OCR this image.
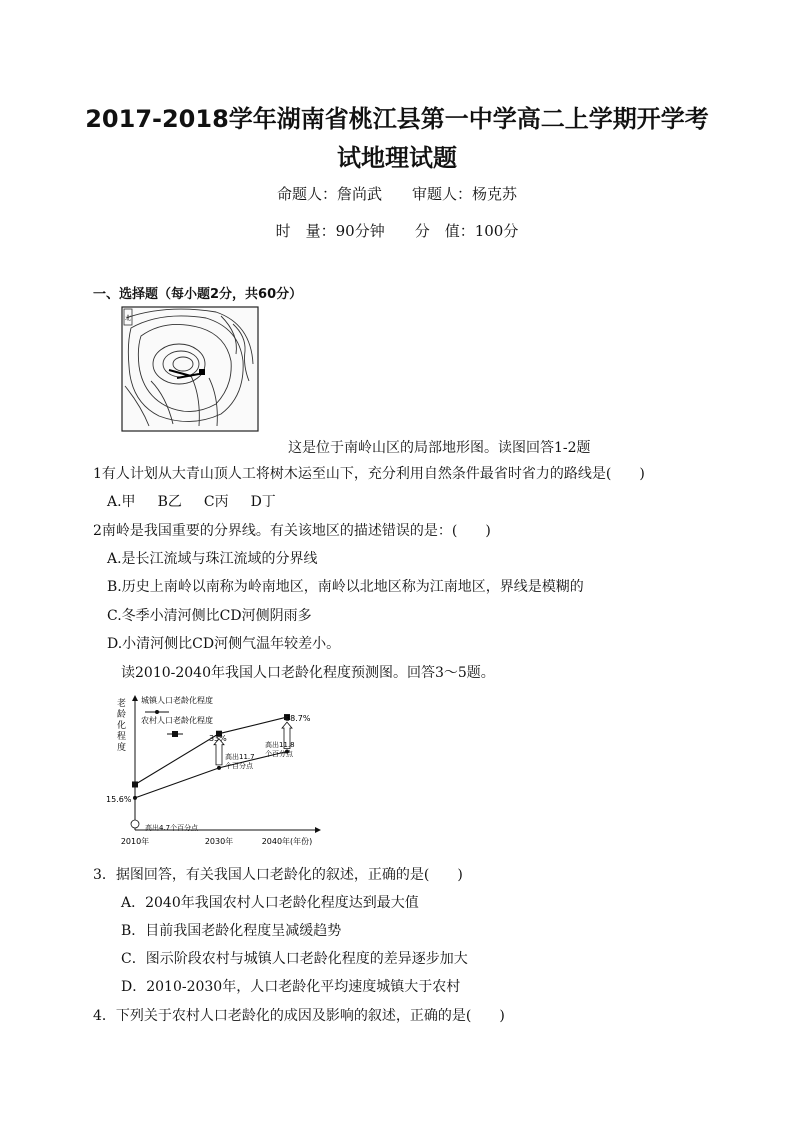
2017-2018学年湖南省桃江县第一中学高二上学期开学考
试地理试题
命题人：詹尚武 审题人：杨克苏
时　量：90分钟 分　值：100分
一、选择题（每小题2分，共60分）
北
这是位于南岭山区的局部地形图。读图回答1-2题
1有人计划从大青山顶人工将树木运至山下，充分利用自然条件最省时省力的路线是(　　)
A.甲 B乙 C丙 D丁
2南岭是我国重要的分界线。有关该地区的描述错误的是：(　　)
A.是长江流域与珠江流域的分界线
B.历史上南岭以南称为岭南地区，南岭以北地区称为江南地区，界线是模糊的
C.冬季小清河侧比CD河侧阴雨多
D.小清河侧比CD河侧气温年较差小。
读2010-2040年我国人口老龄化程度预测图。回答3～5题。
老
龄
化
程
度
城镇人口老龄化程度
农村人口老龄化程度
2010年	2030年	2040年(年份)
15.6%
33%
38.7%
高出4.7个百分点
高出11.7
个百分点
高出11.8
个百分点
3．据图回答，有关我国人口老龄化的叙述，正确的是(　　)
A．2040年我国农村人口老龄化程度达到最大值
B．目前我国老龄化程度呈减缓趋势
C．图示阶段农村与城镇人口老龄化程度的差异逐步加大
D．2010-2030年，人口老龄化平均速度城镇大于农村
4．下列关于农村人口老龄化的成因及影响的叙述，正确的是(　　)
